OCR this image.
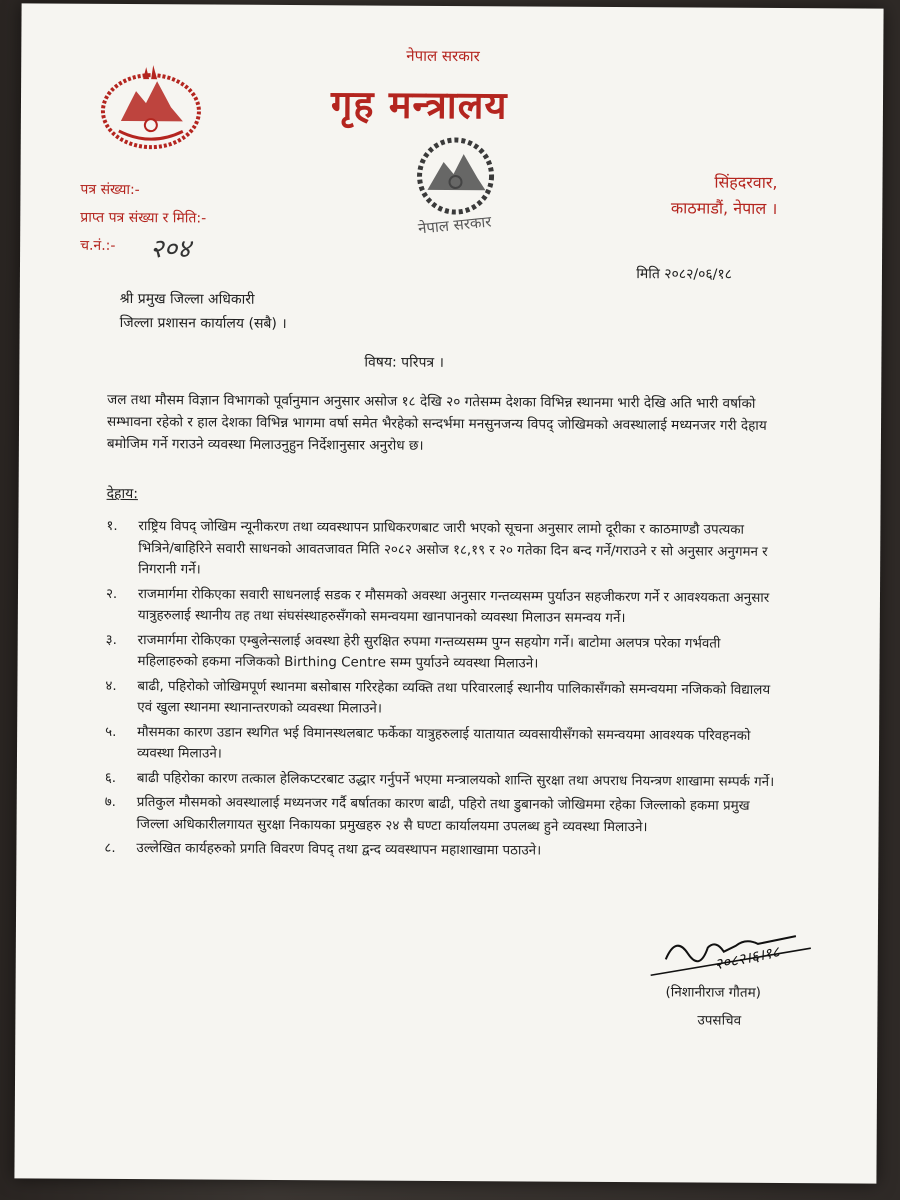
नेपाल सरकार
गृह मन्त्रालय
नेपाल सरकार
सिंहदरवार,
काठमाडौं, नेपाल ।
पत्र संख्या:-
प्राप्त पत्र संख्या र मिति:-
च.नं.:-	२०४
मिति २०८२/०६/१८
श्री प्रमुख जिल्ला अधिकारी
जिल्ला प्रशासन कार्यालय (सबै) ।
विषय: परिपत्र ।
जल तथा मौसम विज्ञान विभागको पूर्वानुमान अनुसार असोज १८ देखि २० गतेसम्म देशका विभिन्न स्थानमा भारी देखि अति भारी वर्षाको सम्भावना रहेको र हाल देशका विभिन्न भागमा वर्षा समेत भैरहेको सन्दर्भमा मनसुनजन्य विपद् जोखिमको अवस्थालाई मध्यनजर गरी देहाय बमोजिम गर्ने गराउने व्यवस्था मिलाउनुहुन निर्देशानुसार अनुरोध छ।
देहाय:
१.	राष्ट्रिय विपद् जोखिम न्यूनीकरण तथा व्यवस्थापन प्राधिकरणबाट जारी भएको सूचना अनुसार लामो दूरीका र काठमाण्डौ उपत्यका भित्रिने/बाहिरिने सवारी साधनको आवतजावत मिति २०८२ असोज १८,१९ र २० गतेका दिन बन्द गर्ने/गराउने र सो अनुसार अनुगमन र निगरानी गर्ने।
२.	राजमार्गमा रोकिएका सवारी साधनलाई सडक र मौसमको अवस्था अनुसार गन्तव्यसम्म पुर्याउन सहजीकरण गर्ने र आवश्यकता अनुसार यात्रुहरुलाई स्थानीय तह तथा संघसंस्थाहरुसँगको समन्वयमा खानपानको व्यवस्था मिलाउन समन्वय गर्ने।
३.	राजमार्गमा रोकिएका एम्बुलेन्सलाई अवस्था हेरी सुरक्षित रुपमा गन्तव्यसम्म पुग्न सहयोग गर्ने। बाटोमा अलपत्र परेका गर्भवती महिलाहरुको हकमा नजिकको Birthing Centre सम्म पुर्याउने व्यवस्था मिलाउने।
४.	बाढी, पहिरोको जोखिमपूर्ण स्थानमा बसोबास गरिरहेका व्यक्ति तथा परिवारलाई स्थानीय पालिकासँगको समन्वयमा नजिकको विद्यालय एवं खुला स्थानमा स्थानान्तरणको व्यवस्था मिलाउने।
५.	मौसमका कारण उडान स्थगित भई विमानस्थलबाट फर्केका यात्रुहरुलाई यातायात व्यवसायीसँगको समन्वयमा आवश्यक परिवहनको व्यवस्था मिलाउने।
६.	बाढी पहिरोका कारण तत्काल हेलिकप्टरबाट उद्धार गर्नुपर्ने भएमा मन्त्रालयको शान्ति सुरक्षा तथा अपराध नियन्त्रण शाखामा सम्पर्क गर्ने।
७.	प्रतिकुल मौसमको अवस्थालाई मध्यनजर गर्दै बर्षातका कारण बाढी, पहिरो तथा डुबानको जोखिममा रहेका जिल्लाको हकमा प्रमुख जिल्ला अधिकारीलगायत सुरक्षा निकायका प्रमुखहरु २४ सै घण्टा कार्यालयमा उपलब्ध हुने व्यवस्था मिलाउने।
८.	उल्लेखित कार्यहरुको प्रगति विवरण विपद् तथा द्वन्द व्यवस्थापन महाशाखामा पठाउने।
२०८२।६।१८
(निशानीराज गौतम)
उपसचिव
